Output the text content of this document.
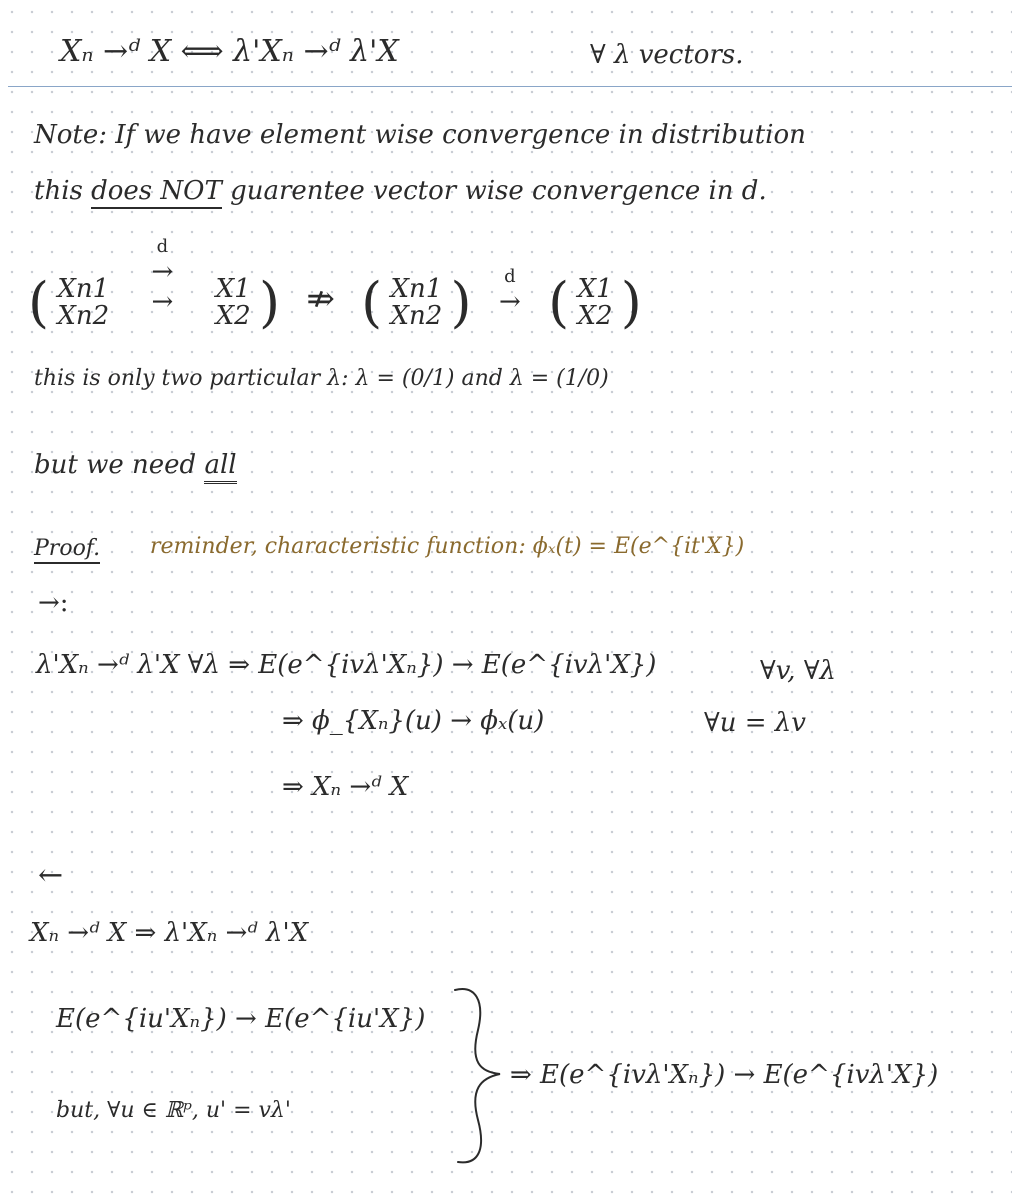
Xₙ →ᵈ X ⟺ λ'Xₙ →ᵈ λ'X	∀ λ vectors.
Note: If we have element wise convergence in distribution
this does NOT guarentee vector wise convergence in d.
( Xn1
Xn2

d
→
→
	X1
X2 ) ⇏ ( Xn1
Xn2 )	d
→ ( X1
X2 )
this is only two particular λ: λ = (0/1) and λ = (1/0)
but we need all
Proof. reminder, characteristic function: ϕₓ(t) = E(e^{it'X})
→:
λ'Xₙ →ᵈ λ'X ∀λ ⇒ E(e^{ivλ'Xₙ}) → E(e^{ivλ'X})	∀v, ∀λ
⇒ ϕ_{Xₙ}(u) → ϕₓ(u)	∀u = λv
⇒ Xₙ →ᵈ X
←
Xₙ →ᵈ X ⇒ λ'Xₙ →ᵈ λ'X
E(e^{iu'Xₙ}) → E(e^{iu'X})
but, ∀u ∈ ℝᵖ, u' = vλ'
⇒ E(e^{ivλ'Xₙ}) → E(e^{ivλ'X})
